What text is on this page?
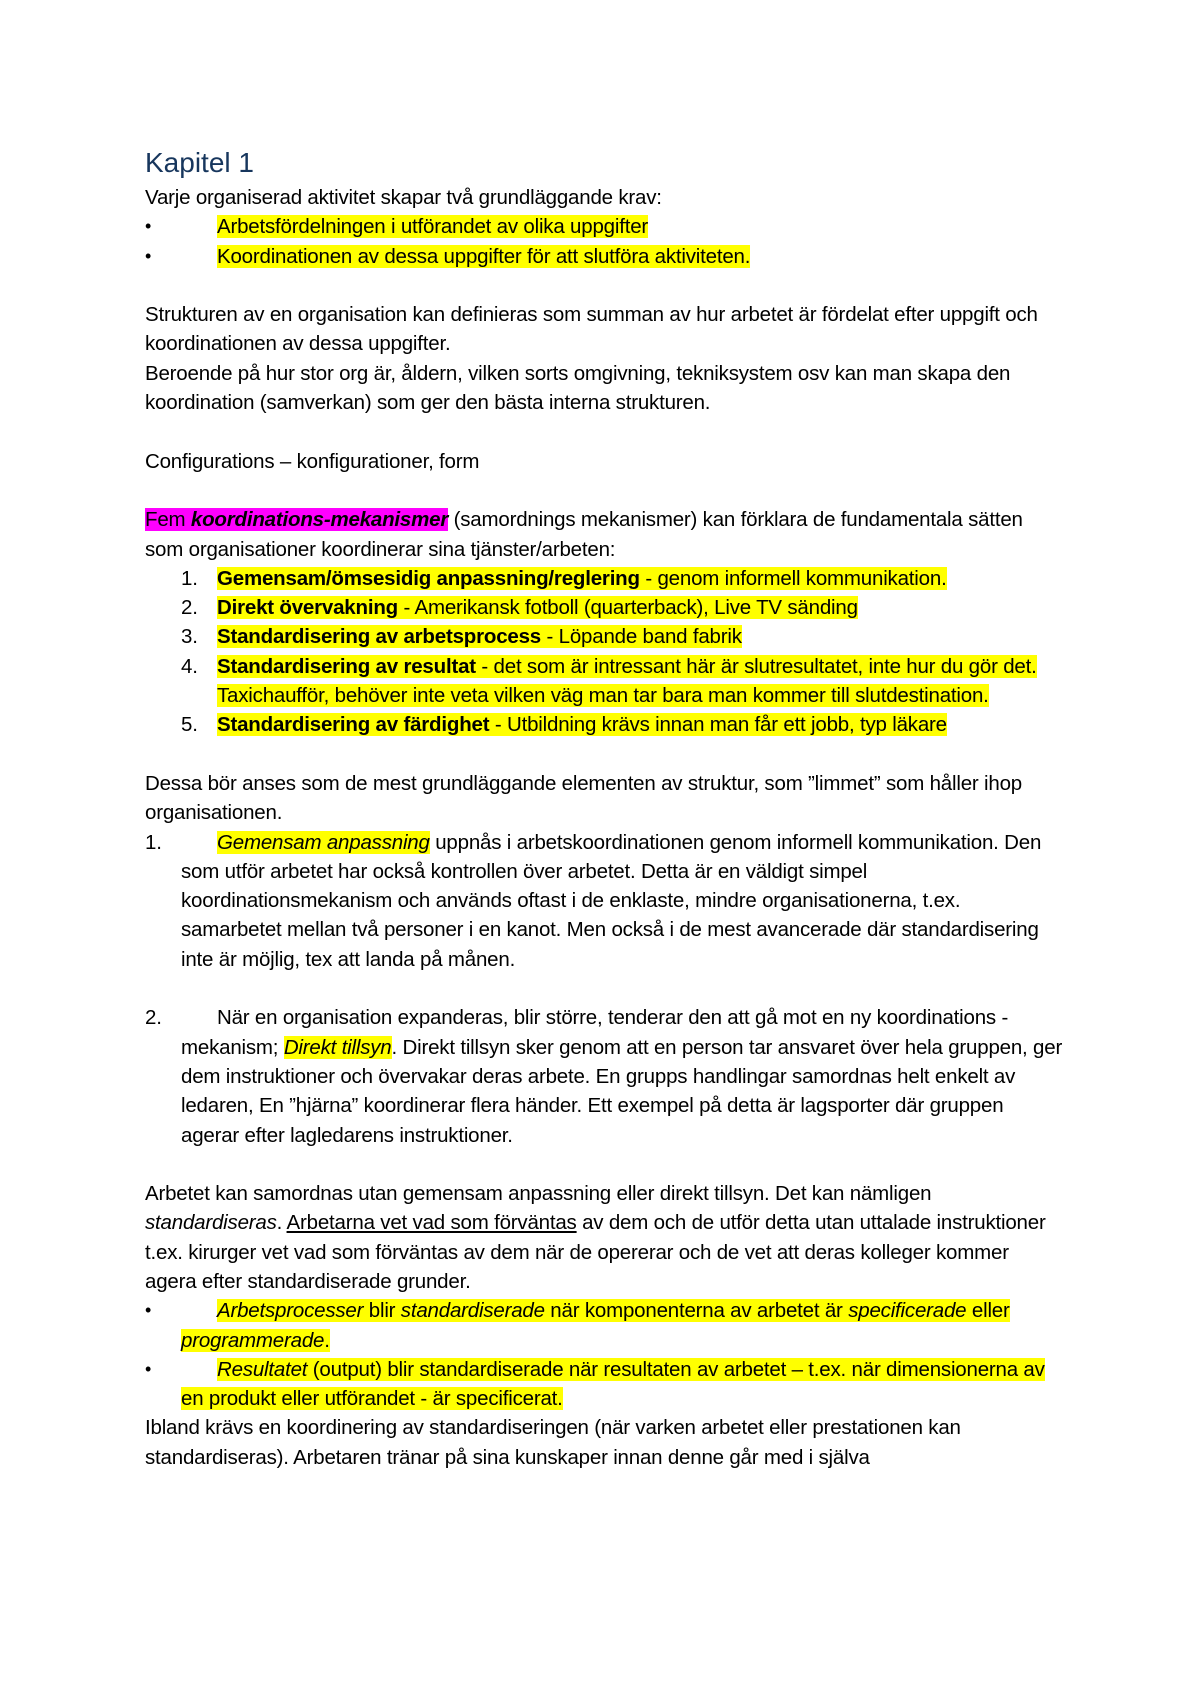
Kapitel 1

Varje organiserad aktivitet skapar två grundläggande krav:

•	Arbetsfördelningen i utförandet av olika uppgifter
•	Koordinationen av dessa uppgifter för att slutföra aktiviteten.

Strukturen av en organisation kan definieras som summan av hur arbetet är fördelat efter uppgift och koordinationen av dessa uppgifter.

Beroende på hur stor org är, åldern, vilken sorts omgivning, tekniksystem osv kan man skapa den koordination (samverkan) som ger den bästa interna strukturen.

Configurations – konfigurationer, form

Fem koordinations-mekanismer (samordnings mekanismer) kan förklara de fundamentala sätten som organisationer koordinerar sina tjänster/arbeten:

1. Gemensam/ömsesidig anpassning/reglering - genom informell kommunikation.
2. Direkt övervakning - Amerikansk fotboll (quarterback), Live TV sänding
3. Standardisering av arbetsprocess - Löpande band fabrik
4. Standardisering av resultat - det som är intressant här är slutresultatet, inte hur du gör det. Taxichaufför, behöver inte veta vilken väg man tar bara man kommer till slutdestination.
5. Standardisering av färdighet - Utbildning krävs innan man får ett jobb, typ läkare

Dessa bör anses som de mest grundläggande elementen av struktur, som ”limmet” som håller ihop organisationen.

1.	Gemensam anpassning uppnås i arbetskoordinationen genom informell kommunikation. Den som utför arbetet har också kontrollen över arbetet. Detta är en väldigt simpel koordinationsmekanism och används oftast i de enklaste, mindre organisationerna, t.ex. samarbetet mellan två personer i en kanot. Men också i de mest avancerade där standardisering inte är möjlig, tex att landa på månen.
2.	När en organisation expanderas, blir större, tenderar den att gå mot en ny koordinations - mekanism; Direkt tillsyn. Direkt tillsyn sker genom att en person tar ansvaret över hela gruppen, ger dem instruktioner och övervakar deras arbete. En grupps handlingar samordnas helt enkelt av ledaren, En ”hjärna” koordinerar flera händer. Ett exempel på detta är lagsporter där gruppen agerar efter lagledarens instruktioner.

Arbetet kan samordnas utan gemensam anpassning eller direkt tillsyn. Det kan nämligen standardiseras. Arbetarna vet vad som förväntas av dem och de utför detta utan uttalade instruktioner t.ex. kirurger vet vad som förväntas av dem när de opererar och de vet att deras kolleger kommer agera efter standardiserade grunder.

•	Arbetsprocesser blir standardiserade när komponenterna av arbetet är specificerade eller programmerade.
•	Resultatet (output) blir standardiserade när resultaten av arbetet – t.ex. när dimensionerna av en produkt eller utförandet - är specificerat.

Ibland krävs en koordinering av standardiseringen (när varken arbetet eller prestationen kan standardiseras). Arbetaren tränar på sina kunskaper innan denne går med i själva
